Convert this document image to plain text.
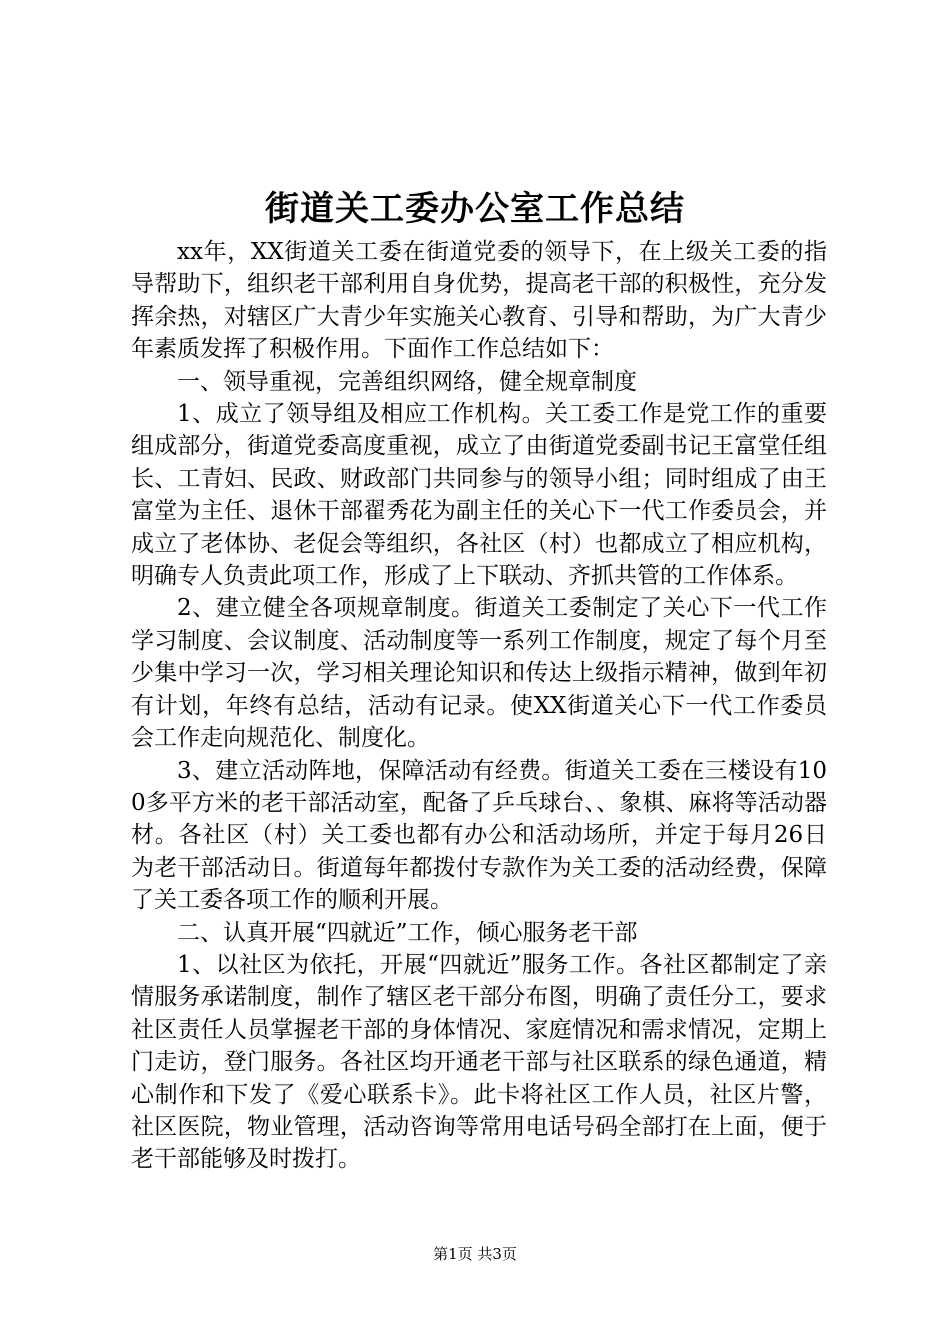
街道关工委办公室工作总结

xx年，XX街道关工委在街道党委的领导下，在上级关工委的指导帮助下，组织老干部利用自身优势，提高老干部的积极性，充分发挥余热，对辖区广大青少年实施关心教育、引导和帮助，为广大青少年素质发挥了积极作用。下面作工作总结如下：

一、领导重视，完善组织网络，健全规章制度

1、成立了领导组及相应工作机构。关工委工作是党工作的重要组成部分，街道党委高度重视，成立了由街道党委副书记王富堂任组长、工青妇、民政、财政部门共同参与的领导小组；同时组成了由王富堂为主任、退休干部翟秀花为副主任的关心下一代工作委员会，并成立了老体协、老促会等组织，各社区（村）也都成立了相应机构，明确专人负责此项工作，形成了上下联动、齐抓共管的工作体系。

2、建立健全各项规章制度。街道关工委制定了关心下一代工作学习制度、会议制度、活动制度等一系列工作制度，规定了每个月至少集中学习一次，学习相关理论知识和传达上级指示精神，做到年初有计划，年终有总结，活动有记录。使XX街道关心下一代工作委员会工作走向规范化、制度化。

3、建立活动阵地，保障活动有经费。街道关工委在三楼设有100多平方米的老干部活动室，配备了乒乓球台、、象棋、麻将等活动器材。各社区（村）关工委也都有办公和活动场所，并定于每月26日为老干部活动日。街道每年都拨付专款作为关工委的活动经费，保障了关工委各项工作的顺利开展。

二、认真开展“四就近”工作，倾心服务老干部

1、以社区为依托，开展“四就近”服务工作。各社区都制定了亲情服务承诺制度，制作了辖区老干部分布图，明确了责任分工，要求社区责任人员掌握老干部的身体情况、家庭情况和需求情况，定期上门走访，登门服务。各社区均开通老干部与社区联系的绿色通道，精心制作和下发了《爱心联系卡》。此卡将社区工作人员，社区片警，社区医院，物业管理，活动咨询等常用电话号码全部打在上面，便于老干部能够及时拨打。

第1页 共3页
